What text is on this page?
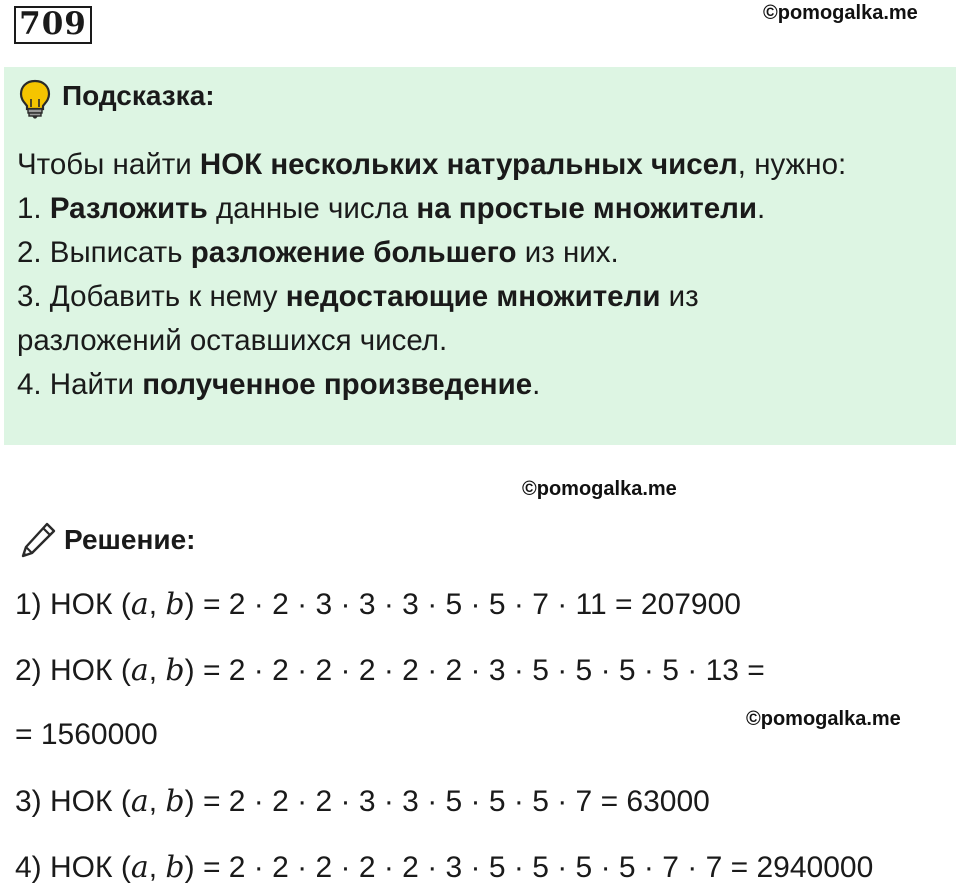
709	©pomogalka.me
Подсказка:

Чтобы найти НОК нескольких натуральных чисел, нужно:

1. Разложить данные числа на простые множители.

2. Выписать разложение большего из них.

3. Добавить к нему недостающие множители из

разложений оставшихся чисел.

4. Найти полученное произведение.

©pomogalka.me
Решение:
1) НОК (a, b) = 2 · 2 · 3 · 3 · 3 · 5 · 5 · 7 · 11 = 207900
2) НОК (a, b) = 2 · 2 · 2 · 2 · 2 · 2 · 3 · 5 · 5 · 5 · 5 · 13 =
= 1560000	©pomogalka.me
3) НОК (a, b) = 2 · 2 · 2 · 3 · 3 · 5 · 5 · 5 · 7 = 63000
4) НОК (a, b) = 2 · 2 · 2 · 2 · 2 · 3 · 5 · 5 · 5 · 5 · 7 · 7 = 2940000
